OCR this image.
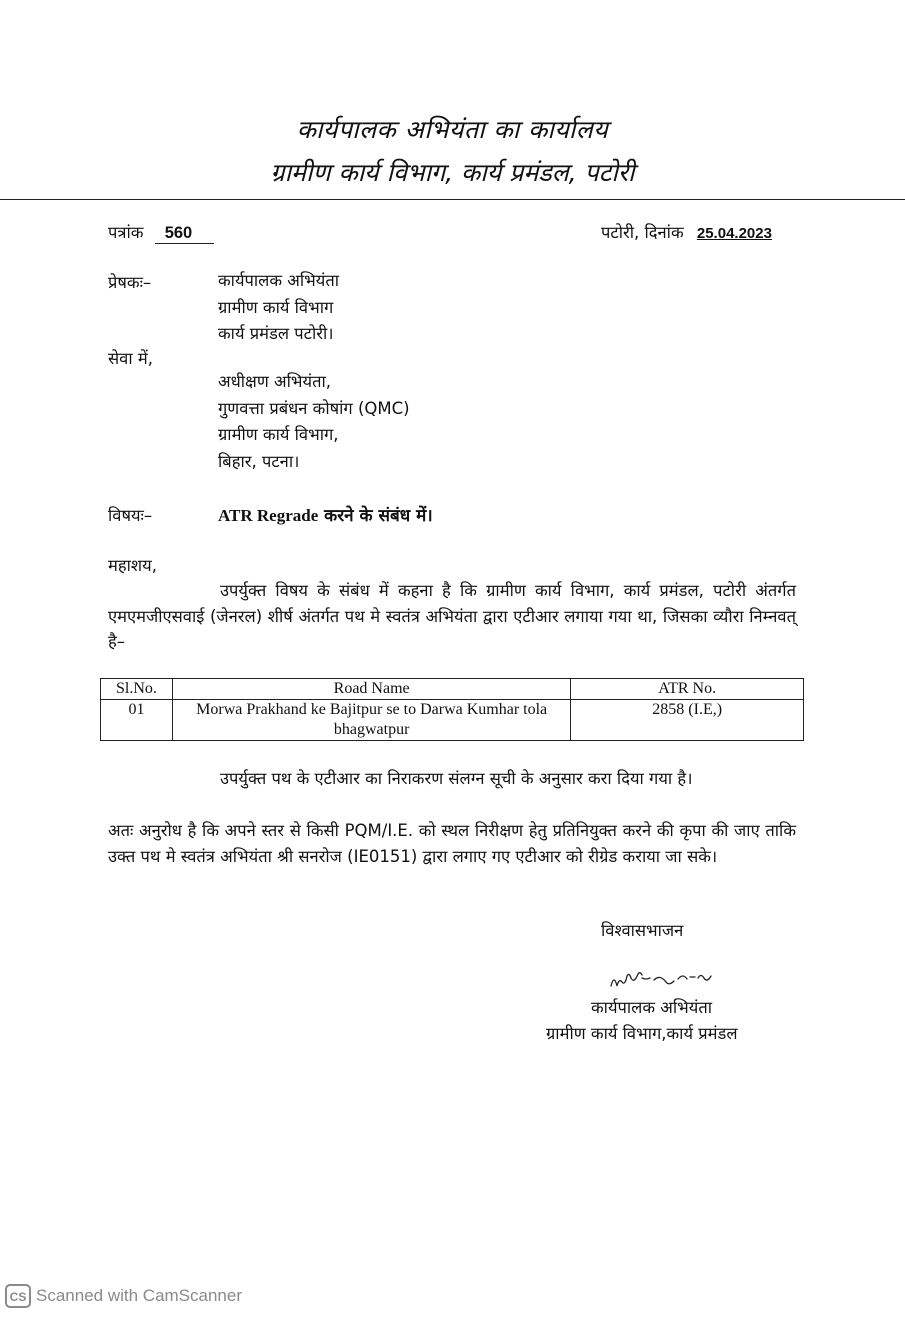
कार्यपालक अभियंता का कार्यालय
ग्रामीण कार्य विभाग, कार्य प्रमंडल, पटोरी
पत्रांक 560	पटोरी, दिनांक 25.04.2023
प्रेषकः–	कार्यपालक अभियंता
ग्रामीण कार्य विभाग
कार्य प्रमंडल पटोरी।
सेवा में,
अधीक्षण अभियंता,
गुणवत्ता प्रबंधन कोषांग (QMC)
ग्रामीण कार्य विभाग,
बिहार, पटना।
विषयः–	ATR Regrade करने के संबंध में।
महाशय,
उपर्युक्त विषय के संबंध में कहना है कि ग्रामीण कार्य विभाग, कार्य प्रमंडल, पटोरी अंतर्गत एमएमजीएसवाई (जेनरल) शीर्ष अंतर्गत पथ मे स्वतंत्र अभियंता द्वारा एटीआर लगाया गया था, जिसका व्यौरा निम्नवत् है–
Sl.No.	Road Name	ATR No.
01	Morwa Prakhand ke Bajitpur se to Darwa Kumhar tola bhagwatpur	2858 (I.E,)
उपर्युक्त पथ के एटीआर का निराकरण संलग्न सूची के अनुसार करा दिया गया है।
अतः अनुरोध है कि अपने स्तर से किसी PQM/I.E. को स्थल निरीक्षण हेतु प्रतिनियुक्त करने की कृपा की जाए ताकि उक्त पथ मे स्वतंत्र अभियंता श्री सनरोज (IE0151) द्वारा लगाए गए एटीआर को रीग्रेड कराया जा सके।
विश्वासभाजन
कार्यपालक अभियंता
ग्रामीण कार्य विभाग,कार्य प्रमंडल
CS Scanned with CamScanner
